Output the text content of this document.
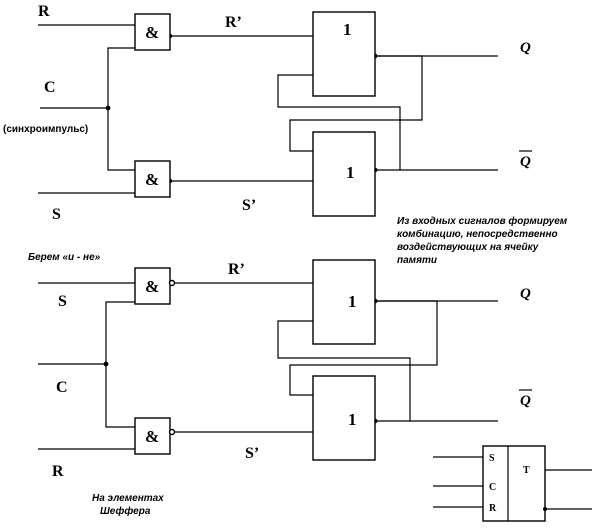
R
C
(синхроимпульс)
S
R’
S’
&
&
1
1
Q
Q
Из входных сигналов формируем
комбинацию, непосредственно
воздействующих на ячейку
памяти
Берем «и - не»
S
C
R
R’
S’
&
&
1
1
Q
Q
На элементах
Шеффера
S
C
R
T
